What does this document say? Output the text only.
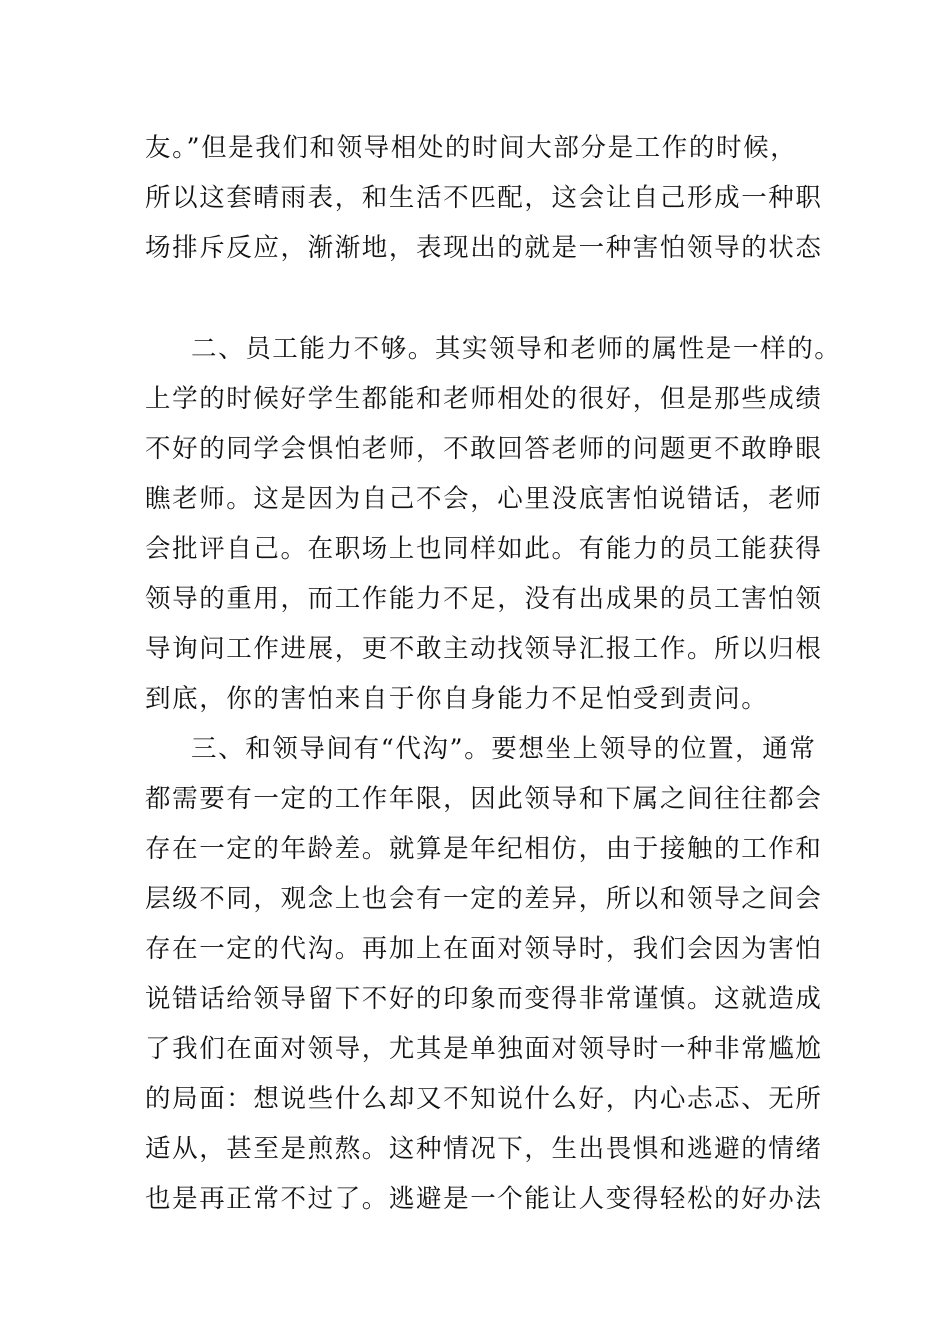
友。”但是我们和领导相处的时间大部分是工作的时候，
所以这套晴雨表，和生活不匹配，这会让自己形成一种职
场排斥反应，渐渐地，表现出的就是一种害怕领导的状态
二、员工能力不够。其实领导和老师的属性是一样的。
上学的时候好学生都能和老师相处的很好，但是那些成绩
不好的同学会惧怕老师，不敢回答老师的问题更不敢睁眼
瞧老师。这是因为自己不会，心里没底害怕说错话，老师
会批评自己。在职场上也同样如此。有能力的员工能获得
领导的重用，而工作能力不足，没有出成果的员工害怕领
导询问工作进展，更不敢主动找领导汇报工作。所以归根
到底，你的害怕来自于你自身能力不足怕受到责问。
三、和领导间有“代沟”。要想坐上领导的位置，通常
都需要有一定的工作年限，因此领导和下属之间往往都会
存在一定的年龄差。就算是年纪相仿，由于接触的工作和
层级不同，观念上也会有一定的差异，所以和领导之间会
存在一定的代沟。再加上在面对领导时，我们会因为害怕
说错话给领导留下不好的印象而变得非常谨慎。这就造成
了我们在面对领导，尤其是单独面对领导时一种非常尴尬
的局面：想说些什么却又不知说什么好，内心忐忑、无所
适从，甚至是煎熬。这种情况下，生出畏惧和逃避的情绪
也是再正常不过了。逃避是一个能让人变得轻松的好办法
